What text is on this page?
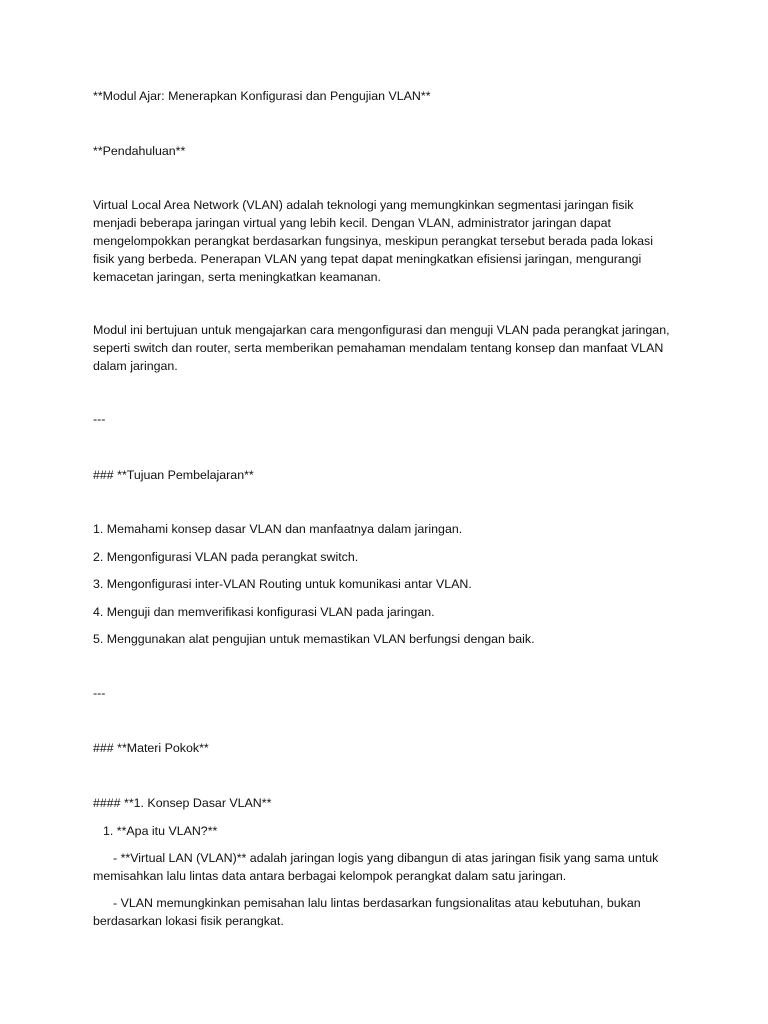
**Modul Ajar: Menerapkan Konfigurasi dan Pengujian VLAN**

**Pendahuluan**

Virtual Local Area Network (VLAN) adalah teknologi yang memungkinkan segmentasi jaringan fisik menjadi beberapa jaringan virtual yang lebih kecil. Dengan VLAN, administrator jaringan dapat mengelompokkan perangkat berdasarkan fungsinya, meskipun perangkat tersebut berada pada lokasi fisik yang berbeda. Penerapan VLAN yang tepat dapat meningkatkan efisiensi jaringan, mengurangi kemacetan jaringan, serta meningkatkan keamanan.

Modul ini bertujuan untuk mengajarkan cara mengonfigurasi dan menguji VLAN pada perangkat jaringan, seperti switch dan router, serta memberikan pemahaman mendalam tentang konsep dan manfaat VLAN dalam jaringan.

---

### **Tujuan Pembelajaran**

1. Memahami konsep dasar VLAN dan manfaatnya dalam jaringan.

2. Mengonfigurasi VLAN pada perangkat switch.

3. Mengonfigurasi inter-VLAN Routing untuk komunikasi antar VLAN.

4. Menguji dan memverifikasi konfigurasi VLAN pada jaringan.

5. Menggunakan alat pengujian untuk memastikan VLAN berfungsi dengan baik.

---

### **Materi Pokok**

#### **1. Konsep Dasar VLAN**

1. **Apa itu VLAN?**

- **Virtual LAN (VLAN)** adalah jaringan logis yang dibangun di atas jaringan fisik yang sama untuk memisahkan lalu lintas data antara berbagai kelompok perangkat dalam satu jaringan.

- VLAN memungkinkan pemisahan lalu lintas berdasarkan fungsionalitas atau kebutuhan, bukan berdasarkan lokasi fisik perangkat.
